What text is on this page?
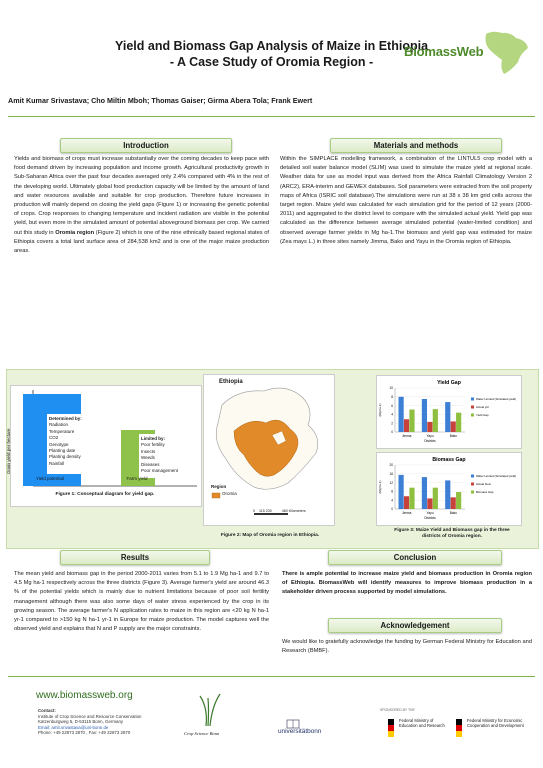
Yield and Biomass Gap Analysis of Maize in Ethiopia
- A Case Study of Oromia Region -
BiomassWeb
Amit Kumar Srivastava; Cho Miltin Mboh; Thomas Gaiser; Girma Abera Tola; Frank Ewert
Introduction
Yields and biomass of crops must increase substantially over the coming decades to keep pace with food demand driven by increasing population and income growth. Agricultural productivity growth in Sub-Saharan Africa over the past four decades averaged only 2.4% compared with 4% in the rest of the developing world. Ultimately global food production capacity will be limited by the amount of land and water resources available and suitable for crop production. Therefore future increases in production will mainly depend on closing the yield gaps (Figure 1) or increasing the genetic potential of crops. Crop responses to changing temperature and incident radiation are visible in the potential yield, but even more in the simulated amount of potential aboveground biomass per crop. We carried out this study in Oromia region (Figure 2) which is one of the nine ethnically based regional states of Ethiopia covers a total land surface area of 284,538 km2 and is one of the major maize production areas.
Materials and methods
Within the SIMPLACE modelling framework, a combination of the LINTUL5 crop model with a detailed soil water balance model (SLIM) was used to simulate the maize yield at regional scale. Weather data for use as model input was derived from the Africa Rainfall Climatology Version 2 (ARC2), ERA-interim and GEWEX databases. Soil parameters were extracted from the soil property maps of Africa (ISRIC soil database).The simulations were run at 38 x 38 km grid cells across the target region. Maize yield was calculated for each simulation grid for the period of 12 years (2000-2011) and aggregated to the district level to compare with the simulated actual yield. Yield gap was calculated as the difference between average simulated potential (water-limited condition) and observed average farmer yields in Mg ha-1.The biomass and yield gap was estimated for maize (Zea mays L.) in three sites namely Jimma, Bako and Yayu in the Oromia region of Ethiopia.
Grain yield per hectare
Determined by:
Radiation
Temperature
CO2
Genotype
Planting date
Planting density
Rainfall
Limited by:
Poor fertility
Insects
Weeds
Diseases
Poor management
Yield potential	Farm yield
Figure 1: Conceptual diagram for yield gap.
Ethiopia
Region
Oromia
0    115 230          460 Kilometers
Figure 2: Map of Oromia region in Ethiopia.
Yield Gap
0
2
4
6
8
10
(Mg ha-1)
Jimma	Yayu	Bako
Districts
Water Limited (Simulated yield)
Actual yld
Yield Gap
Biomass Gap
0
4
8
12
16
20
(Mg ha-1)
Jimma	Yayu	Bako
Districts
Water Limited (Simulated yield)
Actual biom
Biomass Gap
Figure 3: Maize Yield and Biomass gap in the three
districts of Oromia region.
Results
The mean yield and biomass gap in the period 2000-2011 varies from 5.1 to 1.9 Mg ha-1 and 9.7 to 4.5 Mg ha-1 respectively across the three districts (Figure 3). Average farmer's yield are around 46.3 % of the potential yields which is mainly due to nutrient limitations because of poor soil fertility management although there was also some days of water stress experienced by the crop in its growing season. The average farmer's N application rates to maize in this region are <20 kg N ha-1 yr-1 compared to >150 kg N ha-1 yr-1 in Europe for maize production. The model captures well the observed yield and explains that N and P supply are the major constraints.
Conclusion
There is ample potential to increase maize yield and biomass production in Oromia region of Ethiopia. BiomassWeb will identify measures to improve biomass production in a stakeholder driven process supported by model simulations.
Acknowledgement
We would like to gratefully acknowledge the funding by German Federal Ministry for Education and Research (BMBF).
www.biomassweb.org
Contact:
Institute of Crop Science and Resource Conservation
Katzenburgweg 5, D-53115 Bonn, Germany
Email: amit.srivastava@uni-bonn.de
Phone: +49 22873 2870 , Fax: +49 22873 2870	Crop Science Bonn	universitätbonn
SPONSORED BY THE
Federal Ministry of Education and Research
Federal Ministry for Economic Cooperation and Development
